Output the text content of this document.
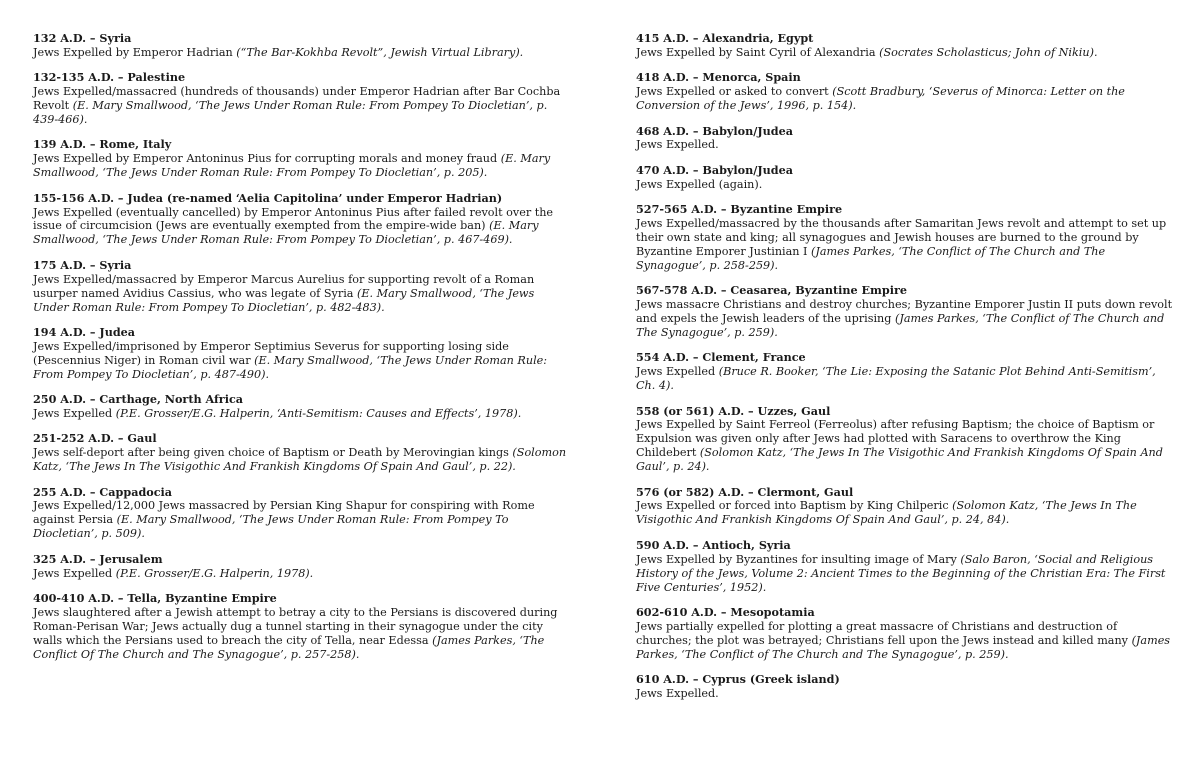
132 A.D. – Syria
Jews Expelled by Emperor Hadrian (“The Bar-Kokhba Revolt”, Jewish Virtual Library).
132-135 A.D. – Palestine
Jews Expelled/massacred (hundreds of thousands) under Emperor Hadrian after Bar Cochba Revolt (E. Mary Smallwood, ‘The Jews Under Roman Rule: From Pompey To Diocletian’, p. 439-466).
139 A.D. – Rome, Italy
Jews Expelled by Emperor Antoninus Pius for corrupting morals and money fraud (E. Mary Smallwood, ‘The Jews Under Roman Rule: From Pompey To Diocletian’, p. 205).
155-156 A.D. – Judea (re-named ‘Aelia Capitolina’ under Emperor Hadrian)
Jews Expelled (eventually cancelled) by Emperor Antoninus Pius after failed revolt over the issue of circumcision (Jews are eventually exempted from the empire-wide ban) (E. Mary Smallwood, ‘The Jews Under Roman Rule: From Pompey To Diocletian’, p. 467-469).
175 A.D. – Syria
Jews Expelled/massacred by Emperor Marcus Aurelius for supporting revolt of a Roman usurper named Avidius Cassius, who was legate of Syria (E. Mary Smallwood, ‘The Jews Under Roman Rule: From Pompey To Diocletian’, p. 482-483).
194 A.D. – Judea
Jews Expelled/imprisoned by Emperor Septimius Severus for supporting losing side (Pescennius Niger) in Roman civil war (E. Mary Smallwood, ‘The Jews Under Roman Rule: From Pompey To Diocletian’, p. 487-490).
250 A.D. – Carthage, North Africa
Jews Expelled (P.E. Grosser/E.G. Halperin, ‘Anti-Semitism: Causes and Effects’, 1978).
251-252 A.D. – Gaul
Jews self-deport after being given choice of Baptism or Death by Merovingian kings (Solomon Katz, ‘The Jews In The Visigothic And Frankish Kingdoms Of Spain And Gaul’, p. 22).
255 A.D. – Cappadocia
Jews Expelled/12,000 Jews massacred by Persian King Shapur for conspiring with Rome against Persia (E. Mary Smallwood, ‘The Jews Under Roman Rule: From Pompey To Diocletian’, p. 509).
325 A.D. – Jerusalem
Jews Expelled (P.E. Grosser/E.G. Halperin, 1978).
400-410 A.D. – Tella, Byzantine Empire
Jews slaughtered after a Jewish attempt to betray a city to the Persians is discovered during Roman-Perisan War; Jews actually dug a tunnel starting in their synagogue under the city walls which the Persians used to breach the city of Tella, near Edessa (James Parkes, ‘The Conflict Of The Church and The Synagogue’, p. 257-258).
415 A.D. – Alexandria, Egypt
Jews Expelled by Saint Cyril of Alexandria (Socrates Scholasticus; John of Nikiu).
418 A.D. – Menorca, Spain
Jews Expelled or asked to convert (Scott Bradbury, ‘Severus of Minorca: Letter on the Conversion of the Jews’, 1996, p. 154).
468 A.D. – Babylon/Judea
Jews Expelled.
470 A.D. – Babylon/Judea
Jews Expelled (again).
527-565 A.D. – Byzantine Empire
Jews Expelled/massacred by the thousands after Samaritan Jews revolt and attempt to set up their own state and king; all synagogues and Jewish houses are burned to the ground by Byzantine Emporer Justinian I (James Parkes, ‘The Conflict of The Church and The Synagogue’, p. 258-259).
567-578 A.D. – Ceasarea, Byzantine Empire
Jews massacre Christians and destroy churches; Byzantine Emporer Justin II puts down revolt and expels the Jewish leaders of the uprising (James Parkes, ‘The Conflict of The Church and The Synagogue’, p. 259).
554 A.D. – Clement, France
Jews Expelled (Bruce R. Booker, ‘The Lie: Exposing the Satanic Plot Behind Anti-Semitism’, Ch. 4).
558 (or 561) A.D. – Uzzes, Gaul
Jews Expelled by Saint Ferreol (Ferreolus) after refusing Baptism; the choice of Baptism or Expulsion was given only after Jews had plotted with Saracens to overthrow the King Childebert (Solomon Katz, ‘The Jews In The Visigothic And Frankish Kingdoms Of Spain And Gaul’, p. 24).
576 (or 582) A.D. – Clermont, Gaul
Jews Expelled or forced into Baptism by King Chilperic (Solomon Katz, ‘The Jews In The Visigothic And Frankish Kingdoms Of Spain And Gaul’, p. 24, 84).
590 A.D. – Antioch, Syria
Jews Expelled by Byzantines for insulting image of Mary (Salo Baron, ‘Social and Religious History of the Jews, Volume 2: Ancient Times to the Beginning of the Christian Era: The First Five Centuries’, 1952).
602-610 A.D. – Mesopotamia
Jews partially expelled for plotting a great massacre of Christians and destruction of churches; the plot was betrayed; Christians fell upon the Jews instead and killed many (James Parkes, ‘The Conflict of The Church and The Synagogue’, p. 259).
610 A.D. – Cyprus (Greek island)
Jews Expelled.
